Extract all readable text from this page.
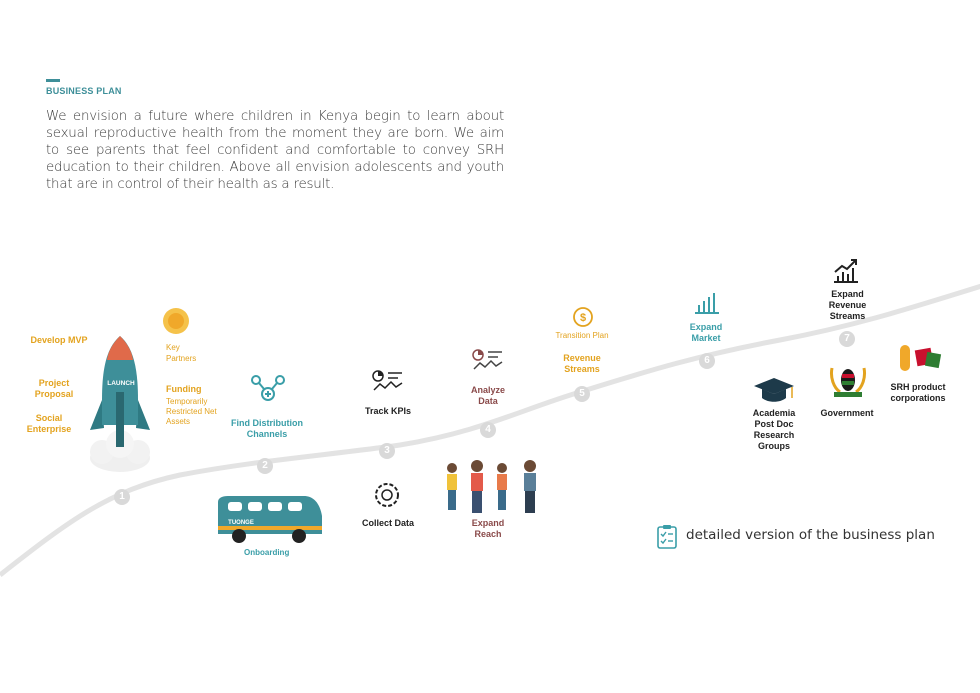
BUSINESS PLAN
We envision a future where children in Kenya begin to learn about sexual reproductive health from the moment they are born. We aim to see parents that feel confident and comfortable to convey SRH education to their children. Above all envision adolescents and youth that are in control of their health as a result.
1
2
3
4
5
6
7
LAUNCH
Develop MVP
Project Proposal
Social Enterprise
Key Partners
Funding
Temporarily Restricted Net Assets	Find Distribution Channels
TUONGE
Onboarding
Track KPIs
Collect Data
Analyze Data
Expand Reach
$
Transition Plan
Revenue Streams
Expand Market
Expand Revenue Streams
Academia Post Doc Research Groups
Government
SRH product corporations
detailed version of the business plan
